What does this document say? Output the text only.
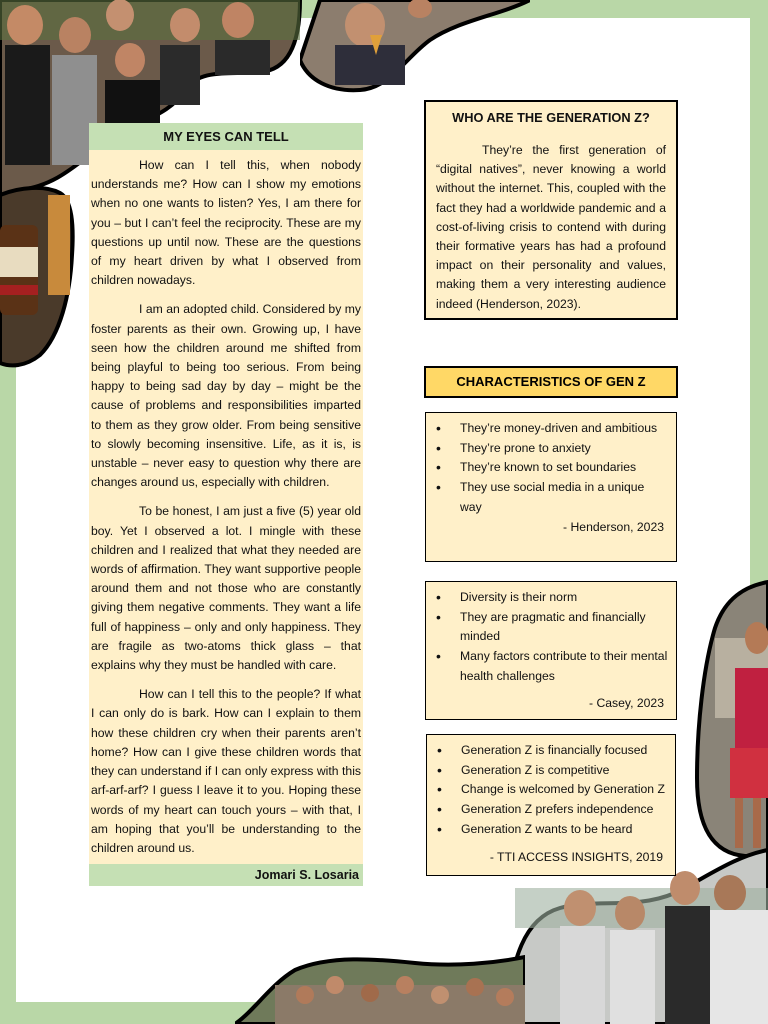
MY EYES CAN TELL

How can I tell this, when nobody understands me? How can I show my emotions when no one wants to listen? Yes, I am there for you – but I can’t feel the reciprocity. These are my questions up until now. These are the questions of my heart driven by what I observed from children nowadays.

I am an adopted child. Considered by my foster parents as their own. Growing up, I have seen how the children around me shifted from being playful to being too serious. From being happy to being sad day by day – might be the cause of problems and responsibilities imparted to them as they grow older. From being sensitive to slowly becoming insensitive. Life, as it is, is unstable – never easy to question why there are changes around us, especially with children.

To be honest, I am just a five (5) year old boy. Yet I observed a lot. I mingle with these children and I realized that what they needed are words of affirmation. They want supportive people around them and not those who are constantly giving them negative comments. They want a life full of happiness – only and only happiness. They are fragile as two-atoms thick glass – that explains why they must be handled with care.

How can I tell this to the people? If what I can only do is bark. How can I explain to them how these children cry when their parents aren’t home? How can I give these children words that they can understand if I can only express with this arf-arf-arf? I guess I leave it to you. Hoping these words of my heart can touch yours – with that, I am hoping that you’ll be understanding to the children around us.

Jomari S. Losaria
WHO ARE THE GENERATION Z?
They’re the first generation of “digital natives”, never knowing a world without the internet. This, coupled with the fact they had a worldwide pandemic and a cost-of-living crisis to contend with during their formative years has had a profound impact on their personality and values, making them a very interesting audience indeed (Henderson, 2023).
CHARACTERISTICS OF GEN Z
• They’re money-driven and ambitious
• They’re prone to anxiety
• They’re known to set boundaries
• They use social media in a unique way
- Henderson, 2023
• Diversity is their norm
• They are pragmatic and financially minded
• Many factors contribute to their mental health challenges
- Casey, 2023
• Generation Z is financially focused
• Generation Z is competitive
• Change is welcomed by Generation Z
• Generation Z prefers independence
• Generation Z wants to be heard
- TTI ACCESS INSIGHTS, 2019
